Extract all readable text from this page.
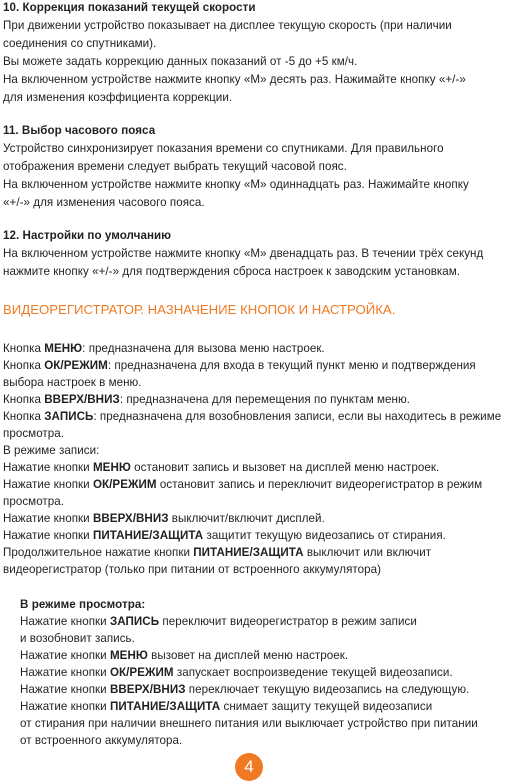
10. Коррекция показаний текущей скорости
При движении устройство показывает на дисплее текущую скорость (при наличии
соединения со спутниками).
Вы можете задать коррекцию данных показаний от -5 до +5 км/ч.
На включенном устройстве нажмите кнопку «М» десять раз. Нажимайте кнопку «+/-»
для изменения коэффициента коррекции.
11. Выбор часового пояса
Устройство синхронизирует показания времени со спутниками. Для правильного
отображения времени следует выбрать текущий часовой пояс.
На включенном устройстве нажмите кнопку «М» одиннадцать раз. Нажимайте кнопку
«+/-» для изменения часового пояса.
12. Настройки по умолчанию
На включенном устройстве нажмите кнопку «М» двенадцать раз. В течении трёх секунд
нажмите кнопку «+/-» для подтверждения сброса настроек к заводским установкам.
ВИДЕОРЕГИСТРАТОР. НАЗНАЧЕНИЕ КНОПОК И НАСТРОЙКА.
Кнопка МЕНЮ: предназначена для вызова меню настроек.
Кнопка ОК/РЕЖИМ: предназначена для входа в текущий пункт меню и подтверждения
выбора настроек в меню.
Кнопка ВВЕРХ/ВНИЗ: предназначена для перемещения по пунктам меню.
Кнопка ЗАПИСЬ: предназначена для возобновления записи, если вы находитесь в режиме
просмотра.
В режиме записи:
Нажатие кнопки МЕНЮ остановит запись и вызовет на дисплей меню настроек.
Нажатие кнопки ОК/РЕЖИМ остановит запись и переключит видеорегистратор в режим
просмотра.
Нажатие кнопки ВВЕРХ/ВНИЗ выключит/включит дисплей.
Нажатие кнопки ПИТАНИЕ/ЗАЩИТА защитит текущую видеозапись от стирания.
Продолжительное нажатие кнопки ПИТАНИЕ/ЗАЩИТА выключит или включит
видеорегистратор (только при питании от встроенного аккумулятора)
В режиме просмотра:
Нажатие кнопки ЗАПИСЬ переключит видеорегистратор в режим записи
и возобновит запись.
Нажатие кнопки МЕНЮ вызовет на дисплей меню настроек.
Нажатие кнопки ОК/РЕЖИМ запускает воспроизведение текущей видеозаписи.
Нажатие кнопки ВВЕРХ/ВНИЗ переключает текущую видеозапись на следующую.
Нажатие кнопки ПИТАНИЕ/ЗАЩИТА снимает защиту текущей видеозаписи
от стирания при наличии внешнего питания или выключает устройство при питании
от встроенного аккумулятора.
4
